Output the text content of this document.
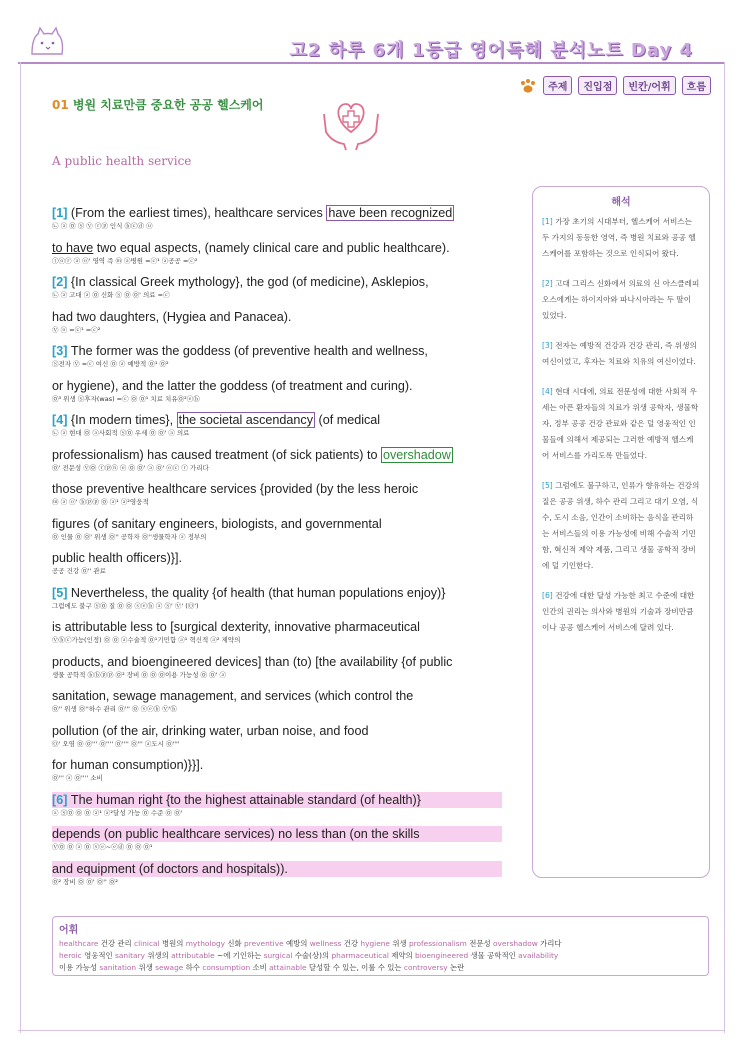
고2 하루 6개 1등급 영어독해 분석노트 Day 4
주제	진입점	빈칸/어휘	흐름
01 병원 치료만큼 중요한 공공 헬스케어
A public health service
[1] (From the earliest times), healthcare services have been recognized
㉡ ⓐ ㉧ Ⓢ Ⓥ ⓡⓟ 인식 ⓑⓒⓓ ⓤ
to have two equal aspects, (namely clinical care and public healthcare).
ⓣⓞⓡ ⓐ ⓞ' 영역 즉 ⓜ ⓐ병원 =ⓒ¹ ⓐ공공 =ⓒ²
[2] {In classical Greek mythology}, the god (of medicine), Asklepios,
㉡ ⓐ 고대 ⓐ ㉧ 신화 Ⓢ ㉧ ㉧' 의료 =ⓒ
had two daughters, (Hygiea and Panacea).
Ⓥ ⓞ =ⓒ¹ =ⓒ²
[3] The former was the goddess (of preventive health and wellness,
Ⓢ전자 Ⓥ =ⓒ 여신 ㉧ ⓐ 예방적 ㉧¹ ㉧²
or hygiene), and the latter the goddess (of treatment and curing).
㉧³ 위생 Ⓢ후자(was) =ⓒ ㉧ ㉧¹ 치료 치유㉧²ⓔⓑ
[4] {In modern times}, the societal ascendancy (of medical
㉡ ⓐ 현대 ㉧ ⓐ사회적 Ⓢ㉧ 우세 ㉧ ㉧' ⓐ 의료
professionalism) has caused treatment (of sick patients) to overshadow
㉧' 전문성 Ⓥ㉧ ⓡⓟⓝ ⓞ ㉧ ㉧' ⓐ ㉧' ⓞⓒ ⓡ 가리다
those preventive healthcare services {provided (by the less heroic
ⓜ ⓐ ⓞ' ⓑⓟⓟ ㉧ ⓐ¹ ⓐ²영웅적
figures (of sanitary engineers, biologists, and governmental
㉧ 인물 ㉧ ㉧' 위생 ㉧'' 공학자 ㉧''생물학자 ⓐ 정부의
public health officers)}].
공공 건강 ㉧'' 관료
[5] Nevertheless, the quality {of health (that human populations enjoy)}
그럼에도 불구 Ⓢ㉧ 질 ㉧ ㉧ ⓢⓔⓑ ⓐ Ⓢ' Ⓥ' (Ⓞ')
is attributable less to [surgical dexterity, innovative pharmaceutical
Ⓥⓑⓒ가능(인정) ㉧ ㉧ ⓐ수술적 ㉧¹기민함 ⓐ¹ 혁신적 ⓐ² 제약의
products, and bioengineered devices] than (to) [the availability {of public
생물 공학적 ⓑⓑⓟⓟ ㉧² 장비 ㉧ ㉧ ㉧이용 가능성 ㉧ ㉧' ⓐ
sanitation, sewage management, and services (which control the
㉧'' 위생 ㉧''하수 관리 ㉧''' ㉧ ⓢⓔⓑ Ⓥ'ⓑ
pollution (of the air, drinking water, urban noise, and food
Ⓞ' 오염 ㉧ ㉧''' ㉧'''' ㉧'''' ㉧''' ⓐ도시 ㉧''''
for human consumption)}}].
㉧''' ⓐ ㉧'''' 소비
[6] The human right {to the highest attainable standard (of health)}
ⓐ Ⓢ㉧ ㉧ ㉧ ⓐ¹ ⓐ²달성 가능 ㉧ 수준 ㉧ ㉧'
depends (on public healthcare services) no less than (on the skills
Ⓥ㉧ ㉧ ⓐ ㉧ ⓢⓔ~ⓔⓓ ㉧ ㉧ ㉧¹
and equipment (of doctors and hospitals)).
㉧² 장비 ㉧ ㉧' ㉧'' ㉧²
해석
[1] 가장 초기의 시대부터, 헬스케어 서비스는 두 가지의 동등한 영역, 즉 병원 치료와 공공 헬스케어를 포함하는 것으로 인식되어 왔다.
[2] 고대 그리스 신화에서 의료의 신 아스클레피오스에게는 하이지아와 파나시아라는 두 딸이 있었다.
[3] 전자는 예방적 건강과 건강 관리, 즉 위생의 여신이었고, 후자는 치료와 치유의 여신이었다.
[4] 현대 시대에, 의료 전문성에 대한 사회적 우세는 아픈 환자들의 치료가 위생 공학자, 생물학자, 정부 공공 건강 관료와 같은 덜 영웅적인 인물들에 의해서 제공되는 그러한 예방적 헬스케어 서비스를 가리도록 만들었다.
[5] 그럼에도 불구하고, 인류가 향유하는 건강의 질은 공공 위생, 하수 관리 그리고 대기 오염, 식수, 도시 소음, 인간이 소비하는 음식을 관리하는 서비스들의 이용 가능성에 비해 수술적 기민함, 혁신적 제약 제품, 그리고 생물 공학적 장비에 덜 기인한다.
[6] 건강에 대한 달성 가능한 최고 수준에 대한 인간의 권리는 의사와 병원의 기술과 장비만큼이나 공공 헬스케어 서비스에 달려 있다.
어휘
healthcare 건강 관리 clinical 병원의 mythology 신화 preventive 예방의 wellness 건강 hygiene 위생 professionalism 전문성 overshadow 가리다
heroic 영웅적인 sanitary 위생의 attributable ~에 기인하는 surgical 수술(상)의 pharmaceutical 제약의 bioengineered 생물 공학적인 availability
이용 가능성 sanitation 위생 sewage 하수 consumption 소비 attainable 달성할 수 있는, 이룰 수 있는 controversy 논란
